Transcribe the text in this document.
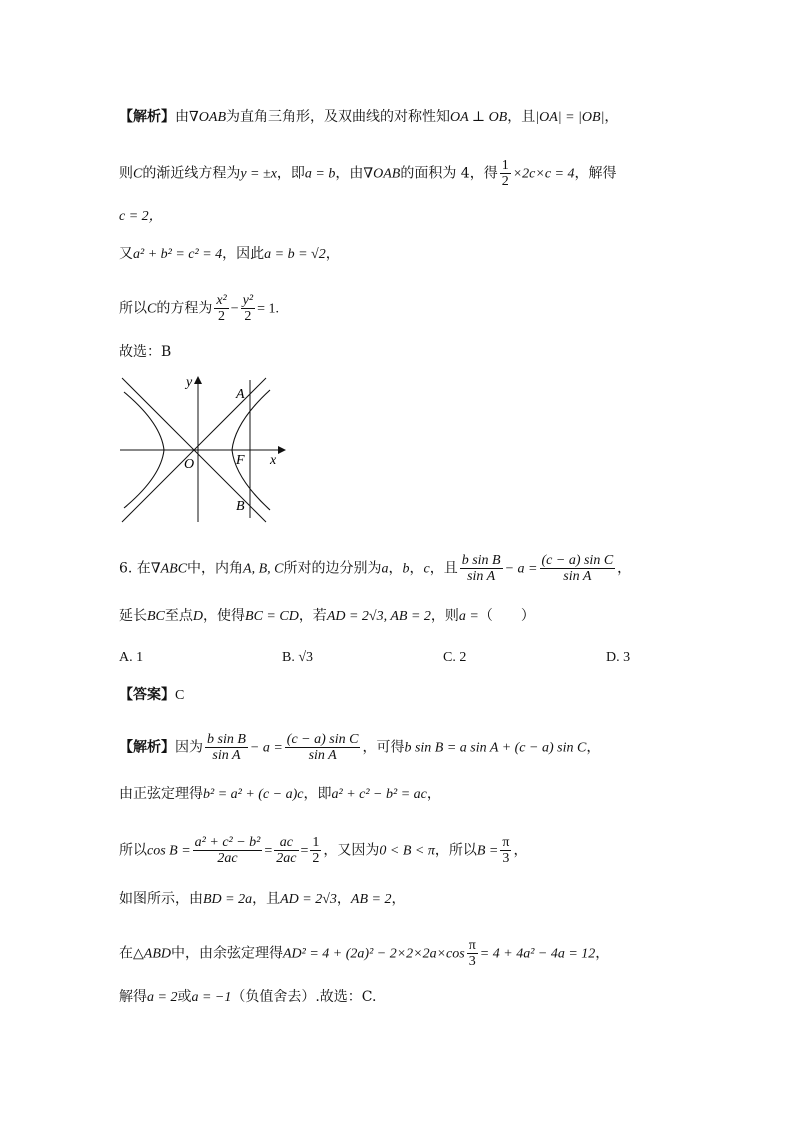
【解析】由∇OAB为直角三角形，及双曲线的对称性知OA ⊥ OB，且|OA| = |OB|，
则C的渐近线方程为y = ±x，即a = b，由∇OAB的面积为 4，得 $\frac{1}{2} \times 2c\times c = 4$，解得
c = 2，
又a² + b² = c² = 4，因此a = b = √2，
所以C的方程为 $\frac{\text{x²}}{2} - \frac{\text{y²}}{2} = 1$.
故选：B
y
x
O	F
A
B
6. 在∇ABC中，内角A, B, C所对的边分别为a，b，c，且 $\frac{\text{b sin B}}{\text{sin A}} - a = \frac{\text{(c − a) sin C}}{\text{sin A}}$ ，
延长BC至点D，使得BC = CD，若AD = 2√3, AB = 2，则a =（　　）
A. 1	B. √3	C. 2	D. 3
【答案】C
【解析】因为 $\frac{\text{b sin B}}{\text{sin A}} - a = \frac{\text{(c − a) sin C}}{\text{sin A}}$ ，可得b sin B = a sin A + (c − a) sin C，
由正弦定理得b² = a² + (c − a)c，即a² + c² − b² = ac，
所以$\cos B = \frac{\text{a² + c² − b²}}{2ac} = \frac{ac}{2ac} = \frac{1}{2}$ ，又因为0 < B < π，所以$B = \frac{\pi}{3}$ ，
如图所示，由BD = 2a，且AD = 2√3，AB = 2，
在△ABD中，由余弦定理得$AD^2 = 4 + (2a)^2 - 2\times 2\times 2a\times\cos \frac{\pi}{3} = 4 + 4a^2 - 4a = 12$，
解得a = 2或a = −1（负值舍去）.故选：C.
